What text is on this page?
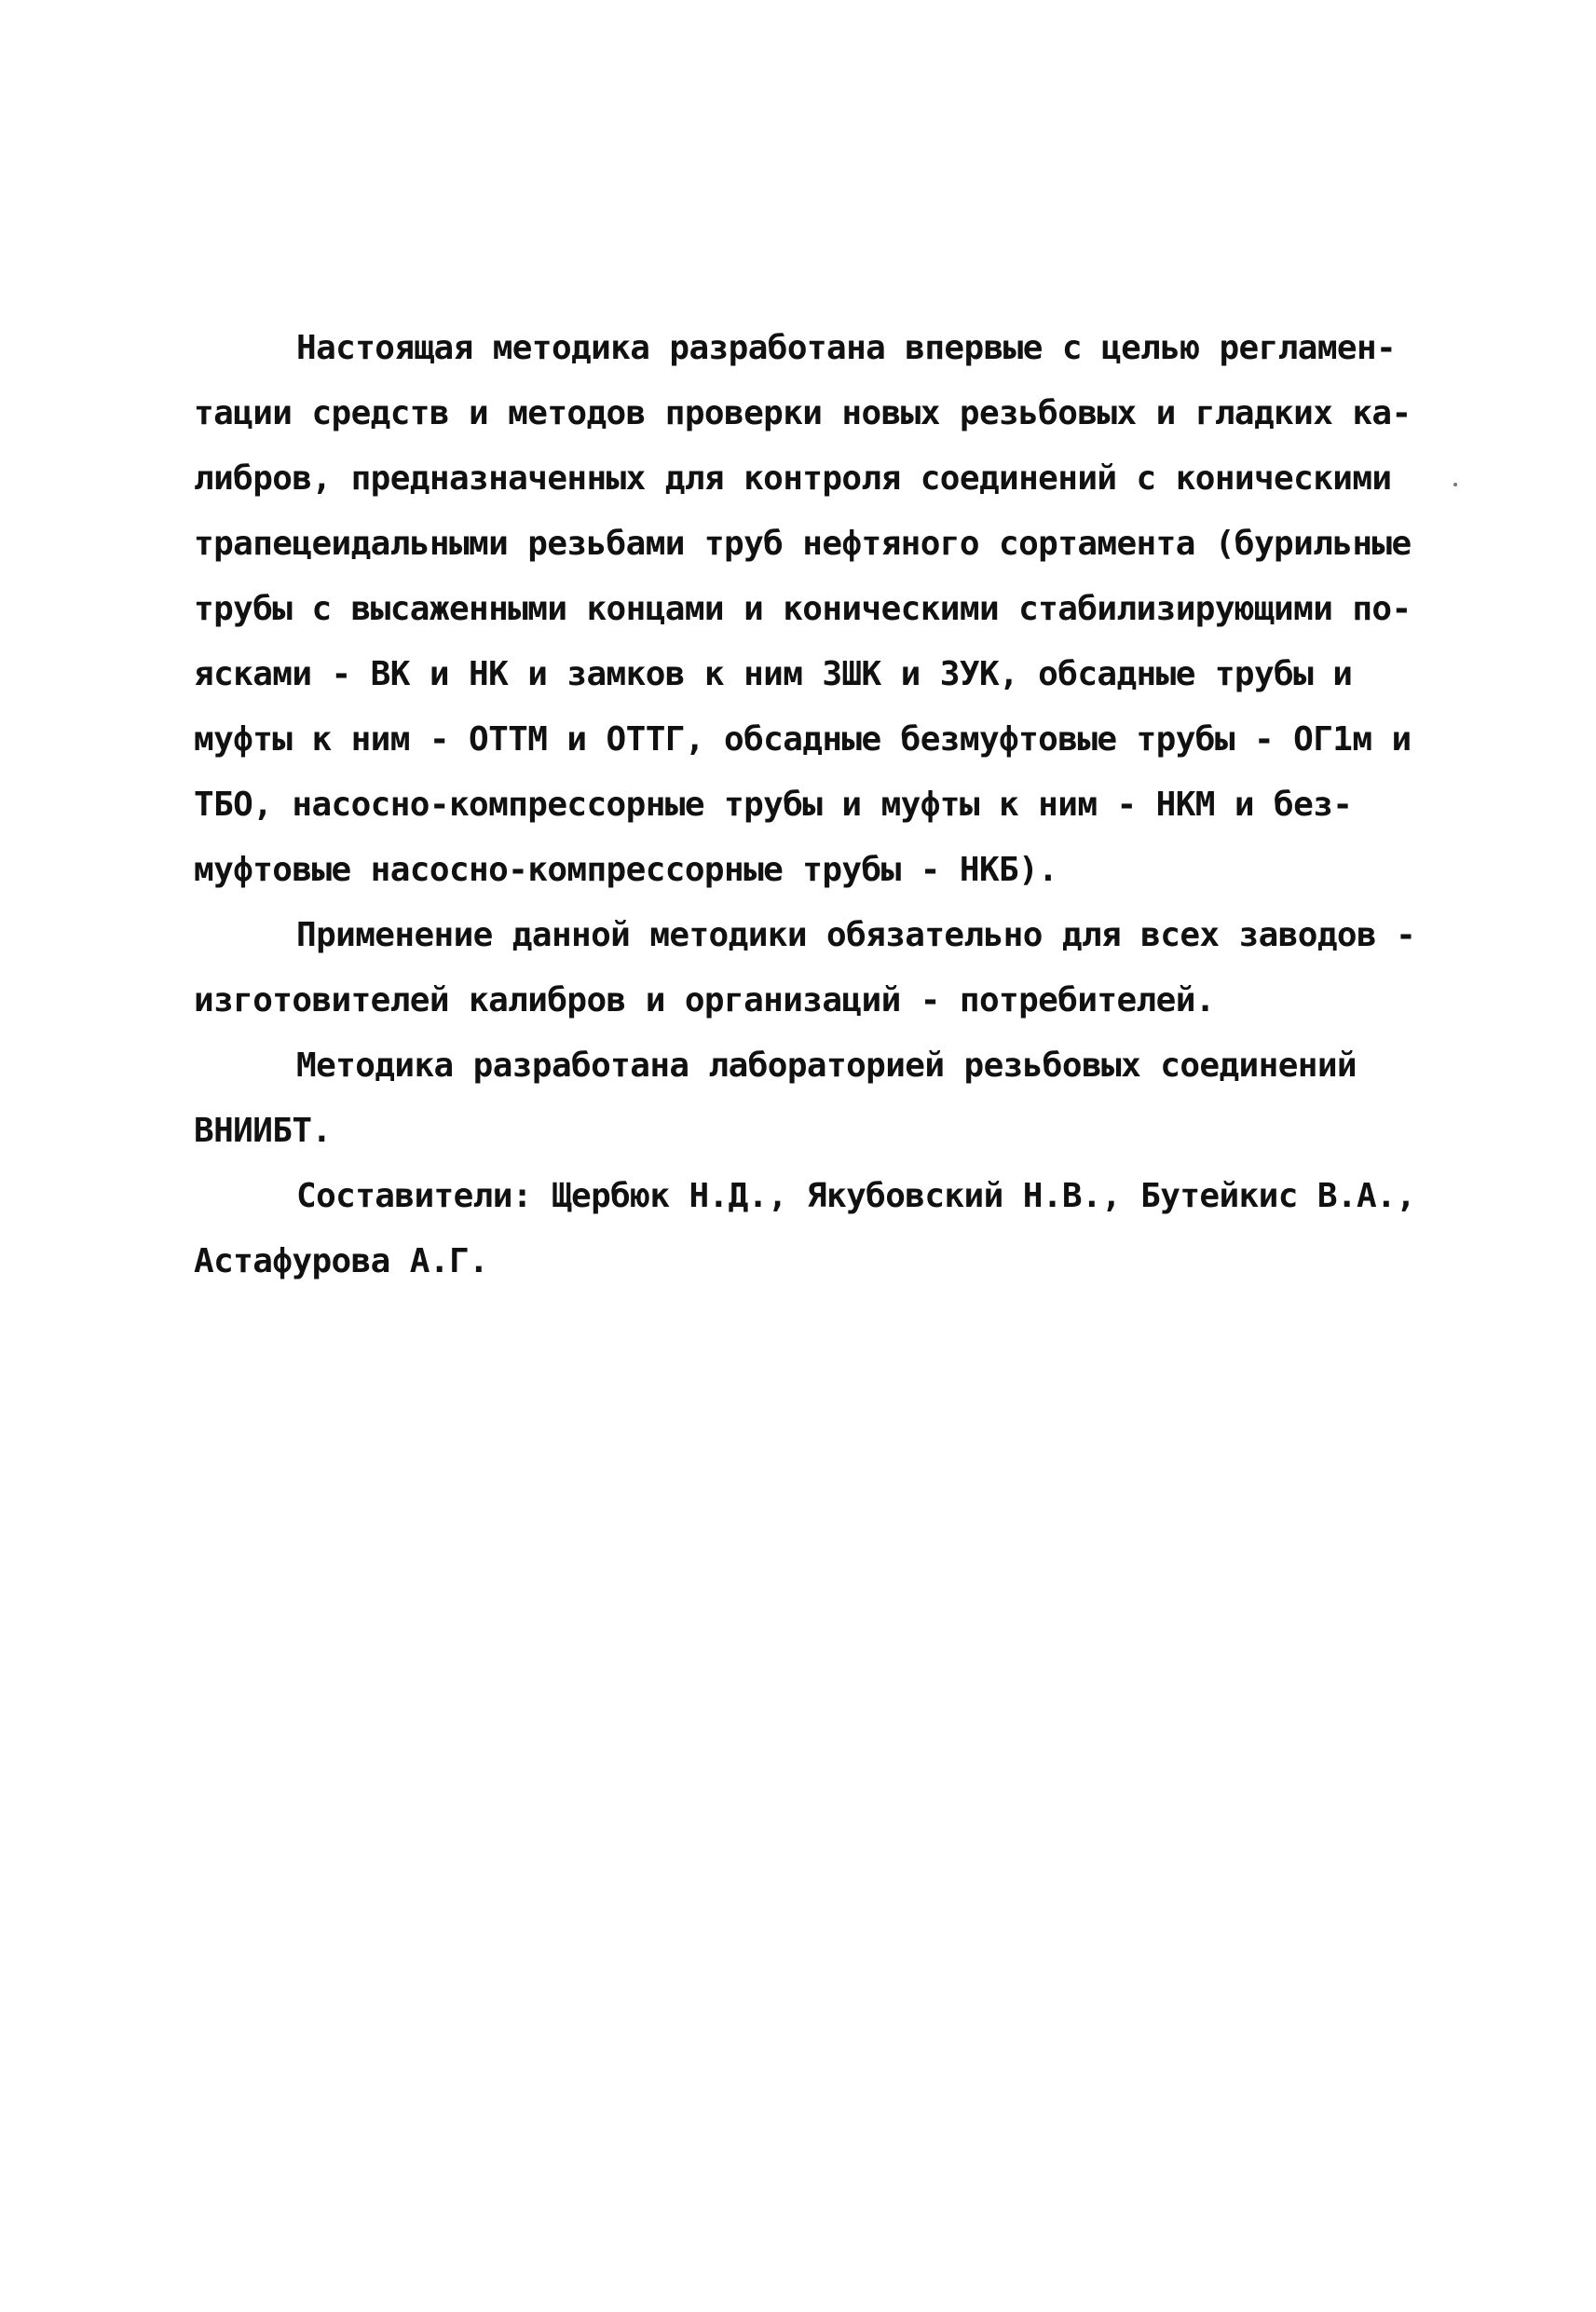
Настоящая методика разработана впервые с целью регламен-
тации средств и методов проверки новых резьбовых и гладких ка-
либров, предназначенных для контроля соединений с коническими
трапецеидальными резьбами труб нефтяного сортамента (бурильные
трубы с высаженными концами и коническими стабилизирующими по-
ясками - ВК и НК и замков к ним ЗШК и ЗУК, обсадные трубы и
муфты к ним - ОТТМ и ОТТГ, обсадные безмуфтовые трубы - ОГ1м и
ТБО, насосно-компрессорные трубы и муфты к ним - НКМ и без-
муфтовые насосно-компрессорные трубы - НКБ).
Применение данной методики обязательно для всех заводов -
изготовителей калибров и организаций - потребителей.
Методика разработана лабораторией резьбовых соединений
ВНИИБТ.
Составители: Щербюк Н.Д., Якубовский Н.В., Бутейкис В.А.,
Астафурова А.Г.
